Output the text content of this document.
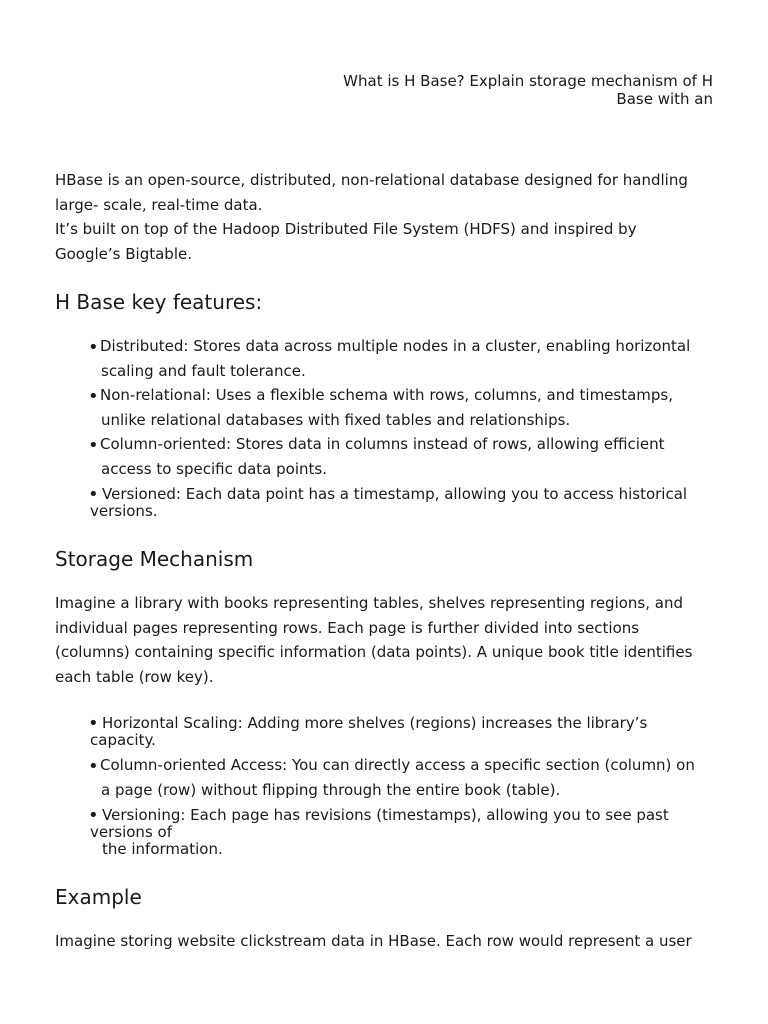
What is H Base? Explain storage mechanism of H
Base with an
HBase is an open-source, distributed, non-relational database designed for handling
large- scale, real-time data.
It’s built on top of the Hadoop Distributed File System (HDFS) and inspired by
Google’s Bigtable.
H Base key features:
• Distributed: Stores data across multiple nodes in a cluster, enabling horizontal
scaling and fault tolerance.
• Non-relational: Uses a flexible schema with rows, columns, and timestamps,
unlike relational databases with fixed tables and relationships.
• Column-oriented: Stores data in columns instead of rows, allowing efficient
access to specific data points.
• Versioned: Each data point has a timestamp, allowing you to access historical
versions.
Storage Mechanism
Imagine a library with books representing tables, shelves representing regions, and
individual pages representing rows. Each page is further divided into sections
(columns) containing specific information (data points). A unique book title identifies
each table (row key).
• Horizontal Scaling: Adding more shelves (regions) increases the library’s
capacity.
• Column-oriented Access: You can directly access a specific section (column) on
a page (row) without flipping through the entire book (table).
• Versioning: Each page has revisions (timestamps), allowing you to see past
versions of
the information.
Example
Imagine storing website clickstream data in HBase. Each row would represent a user
